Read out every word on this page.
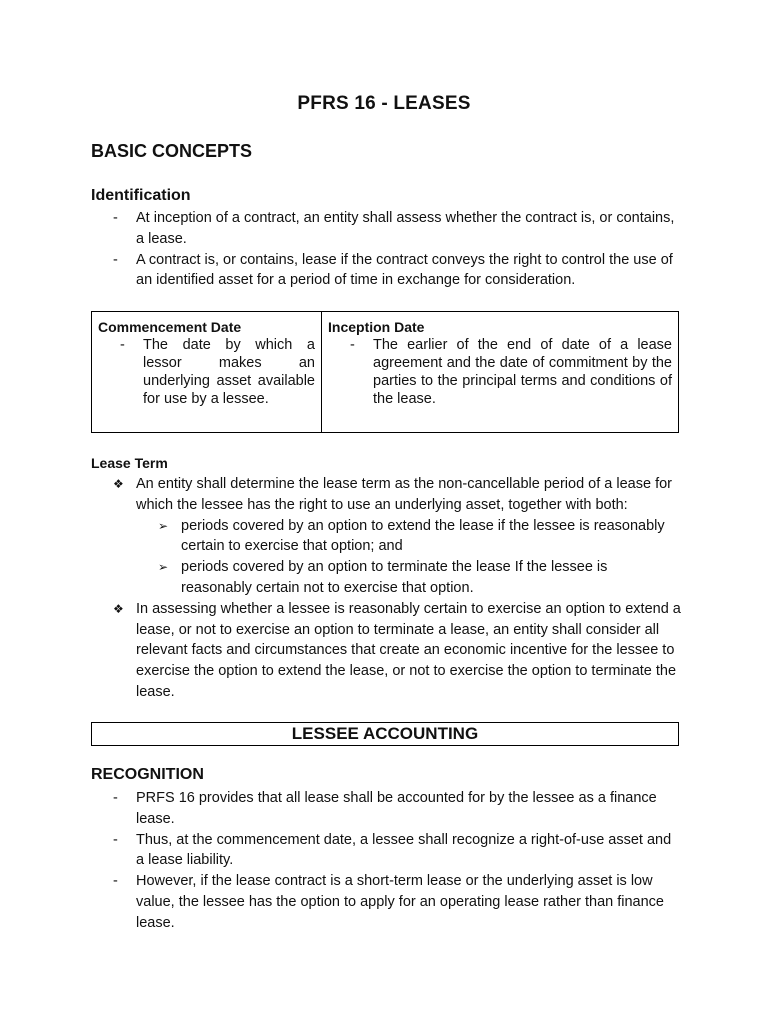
PFRS 16 - LEASES
BASIC CONCEPTS
Identification
- At inception of a contract, an entity shall assess whether the contract is, or contains, a lease.
- A contract is, or contains, lease if the contract conveys the right to control the use of an identified asset for a period of time in exchange for consideration.
Commencement Date
- The date by which a lessor makes an underlying asset available for use by a lessee.
Inception Date
- The earlier of the end of date of a lease agreement and the date of commitment by the parties to the principal terms and conditions of the lease.
Lease Term
❖ An entity shall determine the lease term as the non-cancellable period of a lease for which the lessee has the right to use an underlying asset, together with both:
➢ periods covered by an option to extend the lease if the lessee is reasonably certain to exercise that option; and
➢ periods covered by an option to terminate the lease If the lessee is reasonably certain not to exercise that option.
❖ In assessing whether a lessee is reasonably certain to exercise an option to extend a lease, or not to exercise an option to terminate a lease, an entity shall consider all relevant facts and circumstances that create an economic incentive for the lessee to exercise the option to extend the lease, or not to exercise the option to terminate the lease.
LESSEE ACCOUNTING
RECOGNITION
- PRFS 16 provides that all lease shall be accounted for by the lessee as a finance lease.
- Thus, at the commencement date, a lessee shall recognize a right-of-use asset and a lease liability.
- However, if the lease contract is a short-term lease or the underlying asset is low value, the lessee has the option to apply for an operating lease rather than finance lease.
